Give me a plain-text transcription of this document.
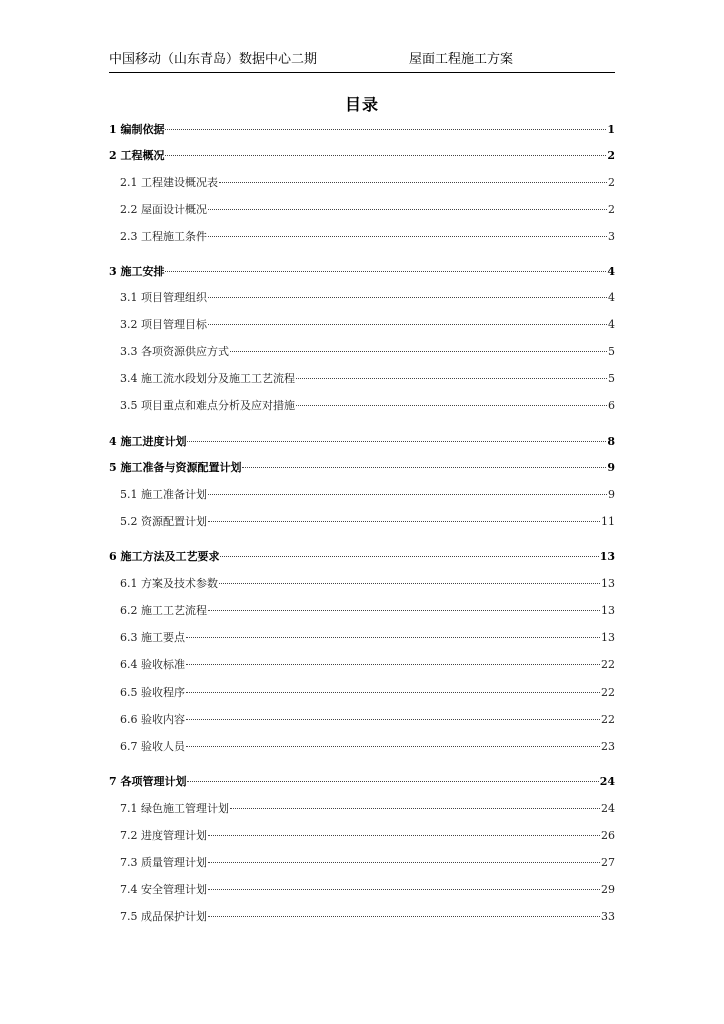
中国移动（山东青岛）数据中心二期	屋面工程施工方案
目录
1 编制依据	1
2 工程概况	2
2.1 工程建设概况表	2
2.2 屋面设计概况	2
2.3 工程施工条件	3
3 施工安排	4
3.1 项目管理组织	4
3.2 项目管理目标	4
3.3 各项资源供应方式	5
3.4 施工流水段划分及施工工艺流程	5
3.5 项目重点和难点分析及应对措施	6
4 施工进度计划	8
5 施工准备与资源配置计划	9
5.1 施工准备计划	9
5.2 资源配置计划	11
6 施工方法及工艺要求	13
6.1 方案及技术参数	13
6.2 施工工艺流程	13
6.3 施工要点	13
6.4 验收标准	22
6.5 验收程序	22
6.6 验收内容	22
6.7 验收人员	23
7 各项管理计划	24
7.1 绿色施工管理计划	24
7.2 进度管理计划	26
7.3 质量管理计划	27
7.4 安全管理计划	29
7.5 成品保护计划	33
